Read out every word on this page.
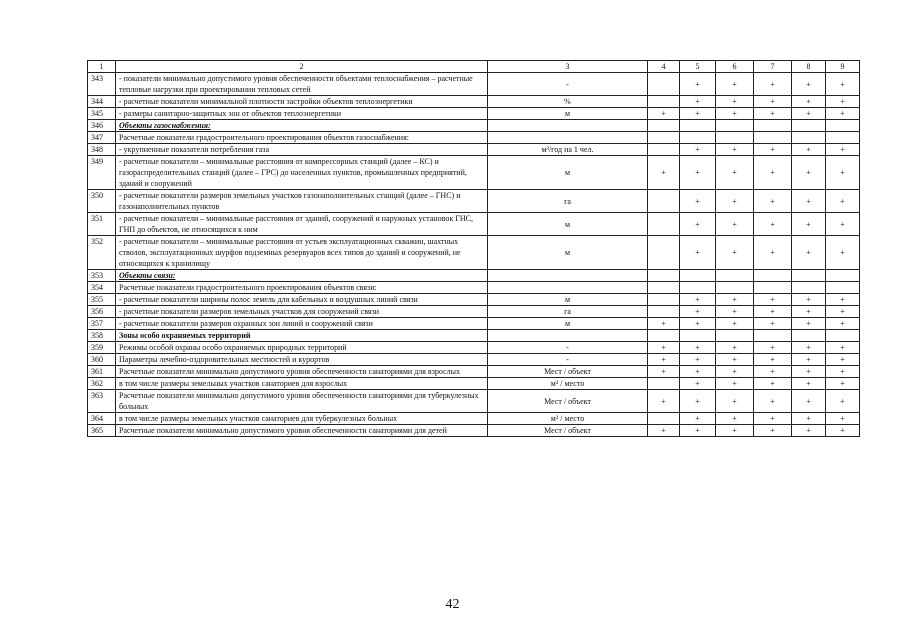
1	2	3	4	5	6	7	8	9
343	- показатели минимально допустимого уровня обеспеченности объектами теплоснабжения – расчетные тепловые нагрузки при проектировании тепловых сетей	-		+	+	+	+	+
344	- расчетные показатели минимальной плотности застройки объектов теплоэнергетики	%		+	+	+	+	+
345	- размеры санитарно-защитных зон от объектов теплоэнергетики	м	+	+	+	+	+	+
346	Объекты газоснабжения:							
347	Расчетные показатели градостроительного проектирования объектов газоснабжения:							
348	- укрупненные показатели потребления газа	м³/год на 1 чел.		+	+	+	+	+
349	- расчетные показатели – минимальные расстояния от компрессорных станций (далее – КС) и газораспределительных станций (далее – ГРС) до населенных пунктов, промышленных предприятий, зданий и сооружений	м	+	+	+	+	+	+
350	- расчетные показатели размеров земельных участков газонаполнительных станций (далее – ГНС) и газонаполнительных пунктов	га		+	+	+	+	+
351	- расчетные показатели – минимальные расстояния от зданий, сооружений и наружных установок ГНС, ГНП до объектов, не относящихся к ним	м		+	+	+	+	+
352	- расчетные показатели – минимальные расстояния от устьев эксплуатационных скважин, шахтных стволов, эксплуатационных шурфов подземных резервуаров всех типов до зданий и сооружений, не относящихся к хранилищу	м		+	+	+	+	+
353	Объекты связи:							
354	Расчетные показатели градостроительного проектирования объектов связи:							
355	- расчетные показатели ширины полос земель для кабельных и воздушных линий связи	м		+	+	+	+	+
356	- расчетные показатели размеров земельных участков для сооружений связи	га		+	+	+	+	+
357	- расчетные показатели размеров охранных зон линий и сооружений связи	м	+	+	+	+	+	+
358	Зоны особо охраняемых территорий							
359	Режимы особой охраны особо охраняемых природных территорий	-	+	+	+	+	+	+
360	Параметры лечебно-оздоровительных местностей и курортов	-	+	+	+	+	+	+
361	Расчетные показатели минимально допустимого уровня обеспеченности санаториями для взрослых	Мест / объект	+	+	+	+	+	+
362	в том числе размеры земельных участков санаториев для взрослых	м² / место		+	+	+	+	+
363	Расчетные показатели минимально допустимого уровня обеспеченности санаториями для туберкулезных больных	Мест / объект	+	+	+	+	+	+
364	в том числе размеры земельных участков санаториев для туберкулезных больных	м² / место		+	+	+	+	+
365	Расчетные показатели минимально допустимого уровня обеспеченности санаториями для детей	Мест / объект	+	+	+	+	+	+
42
